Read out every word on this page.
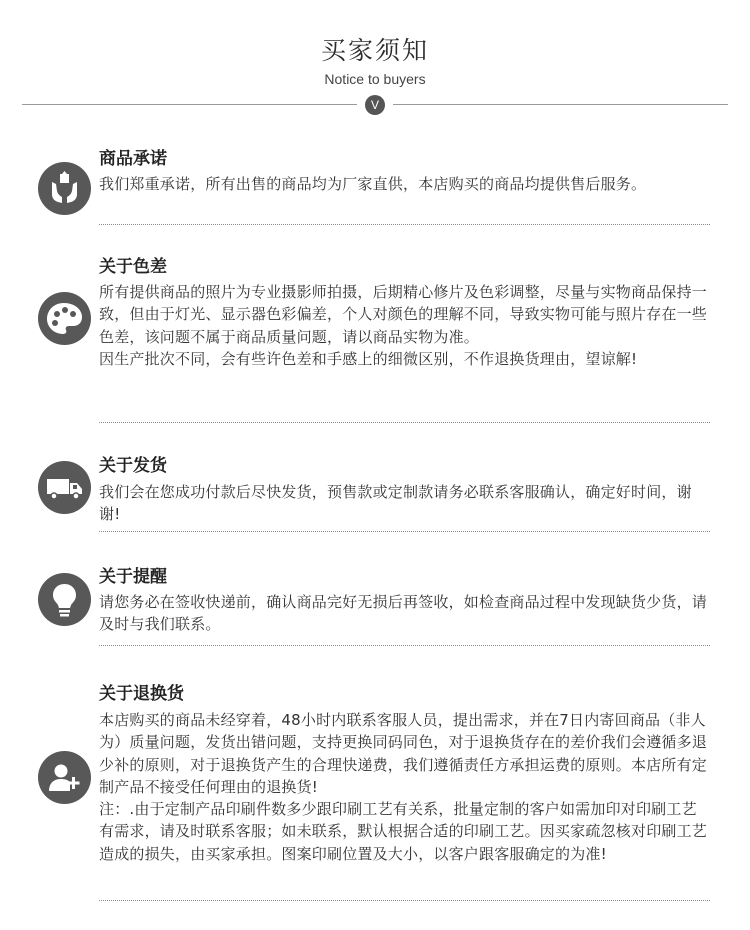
买家须知
Notice to buyers
V
商品承诺

我们郑重承诺，所有出售的商品均为厂家直供，本店购买的商品均提供售后服务。

关于色差

所有提供商品的照片为专业摄影师拍摄，后期精心修片及色彩调整，尽量与实物商品保持一致，但由于灯光、显示器色彩偏差，个人对颜色的理解不同，导致实物可能与照片存在一些色差，该问题不属于商品质量问题，请以商品实物为准。

因生产批次不同，会有些许色差和手感上的细微区别，不作退换货理由，望谅解!

关于发货

我们会在您成功付款后尽快发货，预售款或定制款请务必联系客服确认，确定好时间，谢谢!

关于提醒

请您务必在签收快递前，确认商品完好无损后再签收，如检查商品过程中发现缺货少货，请及时与我们联系。

关于退换货

本店购买的商品未经穿着，48小时内联系客服人员，提出需求，并在7日内寄回商品（非人为）质量问题，发货出错问题，支持更换同码同色，对于退换货存在的差价我们会遵循多退少补的原则，对于退换货产生的合理快递费，我们遵循责任方承担运费的原则。本店所有定制产品不接受任何理由的退换货!

注：.由于定制产品印刷件数多少跟印刷工艺有关系，批量定制的客户如需加印对印刷工艺有需求，请及时联系客服；如未联系，默认根据合适的印刷工艺。因买家疏忽核对印刷工艺造成的损失，由买家承担。图案印刷位置及大小，以客户跟客服确定的为准!
